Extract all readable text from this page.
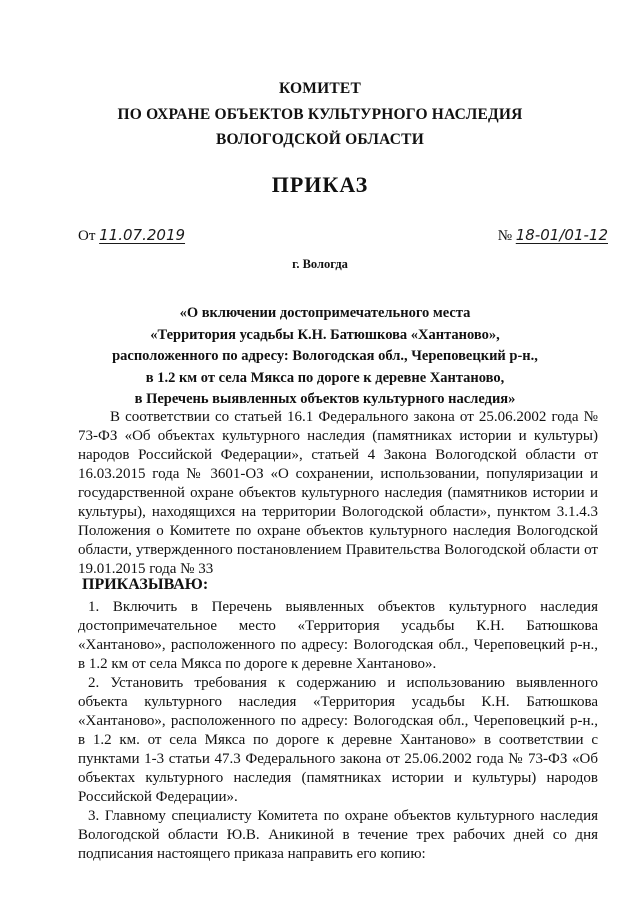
КОМИТЕТ
ПО ОХРАНЕ ОБЪЕКТОВ КУЛЬТУРНОГО НАСЛЕДИЯ
ВОЛОГОДСКОЙ ОБЛАСТИ
ПРИКАЗ
От 11.07.2019	№ 18-01/01-12
г. Вологда
«О включении достопримечательного места
«Территория усадьбы К.Н. Батюшкова «Хантаново»,
расположенного по адресу: Вологодская обл., Череповецкий р-н.,
в 1.2 км от села Мякса по дороге к деревне Хантаново,
в Перечень выявленных объектов культурного наследия»
В соответствии со статьей 16.1 Федерального закона от 25.06.2002 года № 73-ФЗ «Об объектах культурного наследия (памятниках истории и культуры) народов Российской Федерации», статьей 4 Закона Вологодской области от 16.03.2015 года № 3601-ОЗ «О сохранении, использовании, популяризации и государственной охране объектов культурного наследия (памятников истории и культуры), находящихся на территории Вологодской области», пунктом 3.1.4.3 Положения о Комитете по охране объектов культурного наследия Вологодской области, утвержденного постановлением Правительства Вологодской области от 19.01.2015 года № 33
ПРИКАЗЫВАЮ:

1. Включить в Перечень выявленных объектов культурного наследия достопримечательное место «Территория усадьбы К.Н. Батюшкова «Хантаново», расположенного по адресу: Вологодская обл., Череповецкий р-н., в 1.2 км от села Мякса по дороге к деревне Хантаново».

2. Установить требования к содержанию и использованию выявленного объекта культурного наследия «Территория усадьбы К.Н. Батюшкова «Хантаново», расположенного по адресу: Вологодская обл., Череповецкий р-н., в 1.2 км. от села Мякса по дороге к деревне Хантаново» в соответствии с пунктами 1-3 статьи 47.3 Федерального закона от 25.06.2002 года № 73-ФЗ «Об объектах культурного наследия (памятниках истории и культуры) народов Российской Федерации».

3. Главному специалисту Комитета по охране объектов культурного наследия Вологодской области Ю.В. Аникиной в течение трех рабочих дней со дня подписания настоящего приказа направить его копию:
